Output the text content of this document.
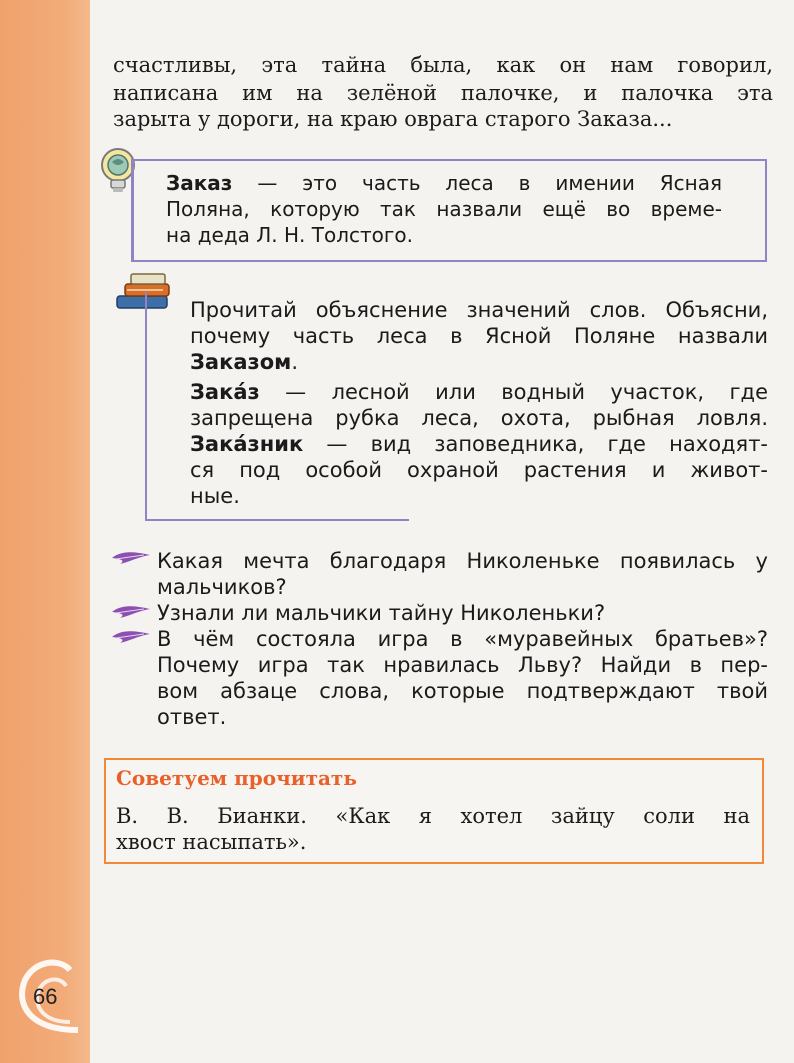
66

счастливы, эта тайна была, как он нам говорил,

написана им на зелёной палочке, и палочка эта

зарыта у дороги, на краю оврага старого Заказа...

Заказ — это часть леса в имении Ясная

Поляна, которую так назвали ещё во време-

на деда Л. Н. Толстого.

Прочитай объяснение значений слов. Объясни,

почему часть леса в Ясной Поляне назвали

Заказом.

Зака́з — лесной или водный участок, где

запрещена рубка леса, охота, рыбная ловля.

Зака́зник — вид заповедника, где находят-

ся под особой охраной растения и живот-

ные.

Какая мечта благодаря Николеньке появилась у

мальчиков?

Узнали ли мальчики тайну Николеньки?

В чём состояла игра в «муравейных братьев»?

Почему игра так нравилась Льву? Найди в пер-

вом абзаце слова, которые подтверждают твой

ответ.

Советуем прочитать

В. В. Бианки. «Как я хотел зайцу соли на

хвост насыпать».
